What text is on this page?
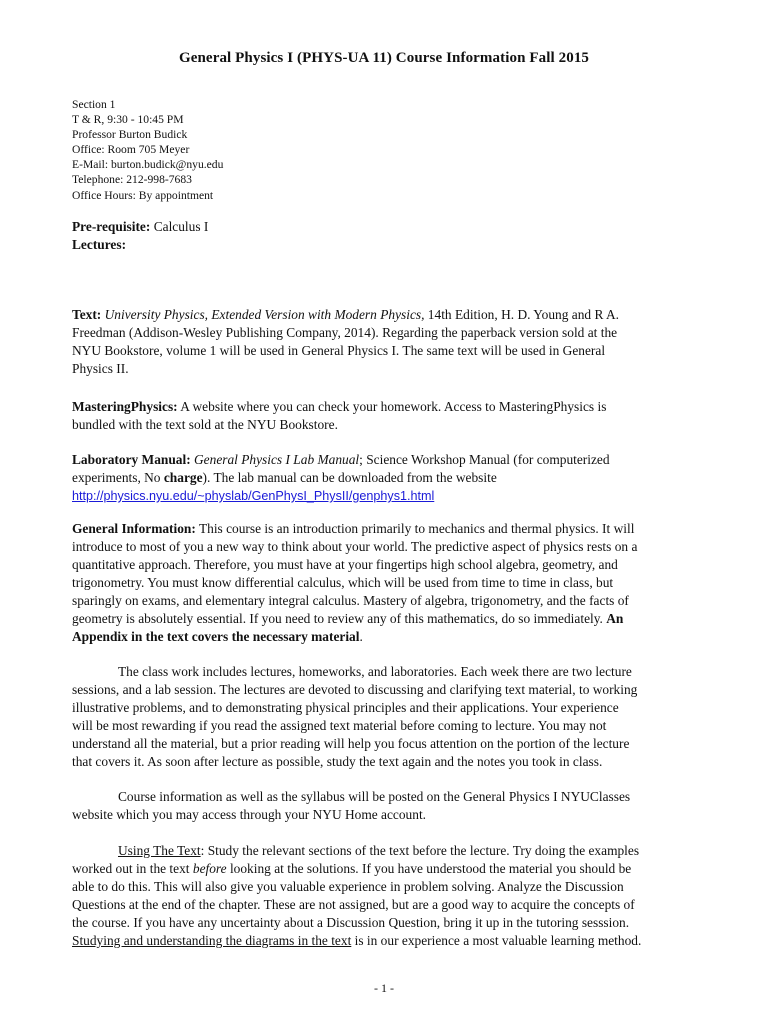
General Physics I (PHYS-UA 11) Course Information Fall 2015
Section 1
T & R, 9:30 - 10:45 PM
Professor Burton Budick
Office: Room 705 Meyer
E-Mail: burton.budick@nyu.edu
Telephone: 212-998-7683
Office Hours: By appointment
Pre-requisite: Calculus I
Lectures:
Text: University Physics, Extended Version with Modern Physics, 14th Edition, H. D. Young and R A.
Freedman (Addison-Wesley Publishing Company, 2014). Regarding the paperback version sold at the
NYU Bookstore, volume 1 will be used in General Physics I. The same text will be used in General
Physics II.
MasteringPhysics: A website where you can check your homework. Access to MasteringPhysics is
bundled with the text sold at the NYU Bookstore.
Laboratory Manual: General Physics I Lab Manual; Science Workshop Manual (for computerized
experiments, No charge). The lab manual can be downloaded from the website
http://physics.nyu.edu/~physlab/GenPhysI_PhysII/genphys1.html
General Information: This course is an introduction primarily to mechanics and thermal physics. It will
introduce to most of you a new way to think about your world. The predictive aspect of physics rests on a
quantitative approach. Therefore, you must have at your fingertips high school algebra, geometry, and
trigonometry. You must know differential calculus, which will be used from time to time in class, but
sparingly on exams, and elementary integral calculus. Mastery of algebra, trigonometry, and the facts of
geometry is absolutely essential. If you need to review any of this mathematics, do so immediately. An
Appendix in the text covers the necessary material.
The class work includes lectures, homeworks, and laboratories. Each week there are two lecture
sessions, and a lab session. The lectures are devoted to discussing and clarifying text material, to working
illustrative problems, and to demonstrating physical principles and their applications. Your experience
will be most rewarding if you read the assigned text material before coming to lecture. You may not
understand all the material, but a prior reading will help you focus attention on the portion of the lecture
that covers it. As soon after lecture as possible, study the text again and the notes you took in class.
Course information as well as the syllabus will be posted on the General Physics I NYUClasses
website which you may access through your NYU Home account.
Using The Text: Study the relevant sections of the text before the lecture. Try doing the examples
worked out in the text before looking at the solutions. If you have understood the material you should be
able to do this. This will also give you valuable experience in problem solving. Analyze the Discussion
Questions at the end of the chapter. These are not assigned, but are a good way to acquire the concepts of
the course. If you have any uncertainty about a Discussion Question, bring it up in the tutoring sesssion.
Studying and understanding the diagrams in the text is in our experience a most valuable learning method.
- 1 -
